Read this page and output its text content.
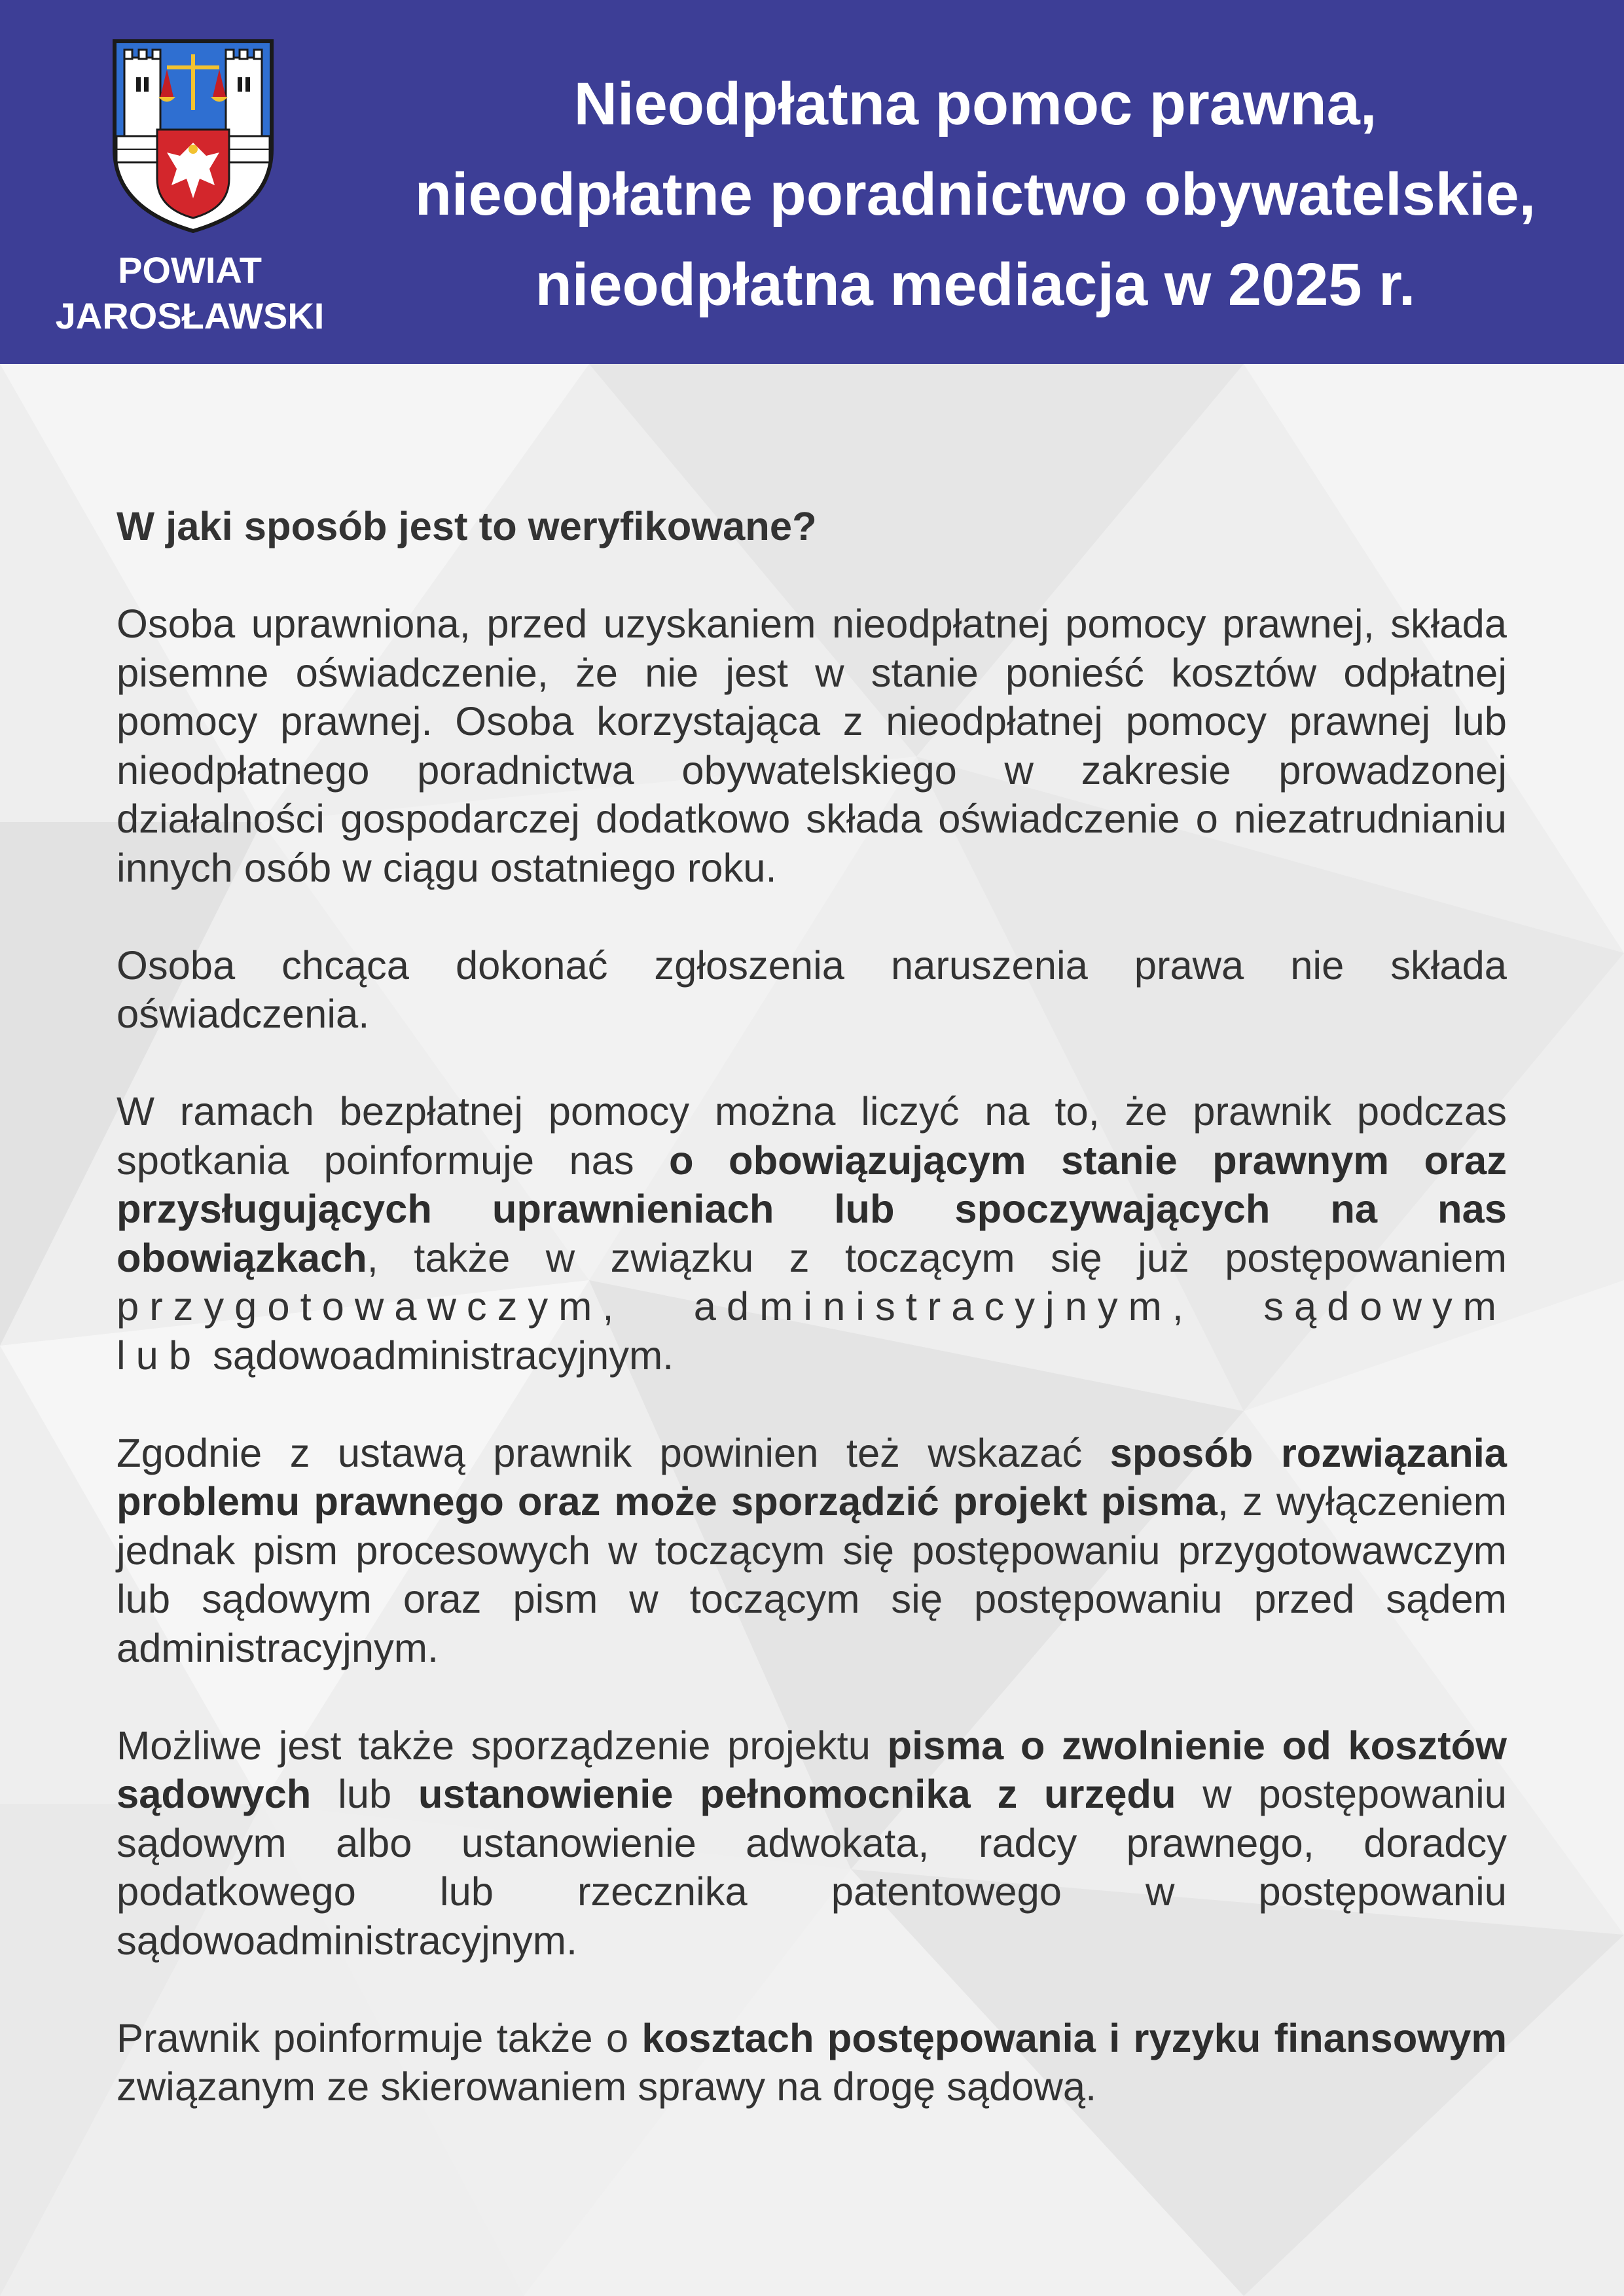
POWIAT
JAROSŁAWSKI
Nieodpłatna pomoc prawna,
nieodpłatne poradnictwo obywatelskie,
nieodpłatna mediacja w 2025 r.

W jaki sposób jest to weryfikowane?

Osoba uprawniona, przed uzyskaniem nieodpłatnej pomocy prawnej, składa pisemne oświadczenie, że nie jest w stanie ponieść kosztów odpłatnej pomocy prawnej. Osoba korzystająca z nieodpłatnej pomocy prawnej lub nieodpłatnego poradnictwa obywatelskiego w zakresie prowadzonej działalności gospodarczej dodatkowo składa oświadczenie o niezatrudnianiu innych osób w ciągu ostatniego roku.

Osoba chcąca dokonać zgłoszenia naruszenia prawa nie składa oświadczenia.

W ramach bezpłatnej pomocy można liczyć na to, że prawnik podczas spotkania poinformuje nas o obowiązującym stanie prawnym oraz przysługujących uprawnieniach lub spoczywających na nas obowiązkach, także w związku z toczącym się już postępowaniem przygotowawczym, administracyjnym, sądowym lub sądowoadministracyjnym.

Zgodnie z ustawą prawnik powinien też wskazać sposób rozwiązania problemu prawnego oraz może sporządzić projekt pisma, z wyłączeniem jednak pism procesowych w toczącym się postępowaniu przygotowawczym lub sądowym oraz pism w toczącym się postępowaniu przed sądem administracyjnym.

Możliwe jest także sporządzenie projektu pisma o zwolnienie od kosztów sądowych lub ustanowienie pełnomocnika z urzędu w postępowaniu sądowym albo ustanowienie adwokata, radcy prawnego, doradcy podatkowego lub rzecznika patentowego w postępowaniu sądowoadministracyjnym.

Prawnik poinformuje także o kosztach postępowania i ryzyku finansowym związanym ze skierowaniem sprawy na drogę sądową.
